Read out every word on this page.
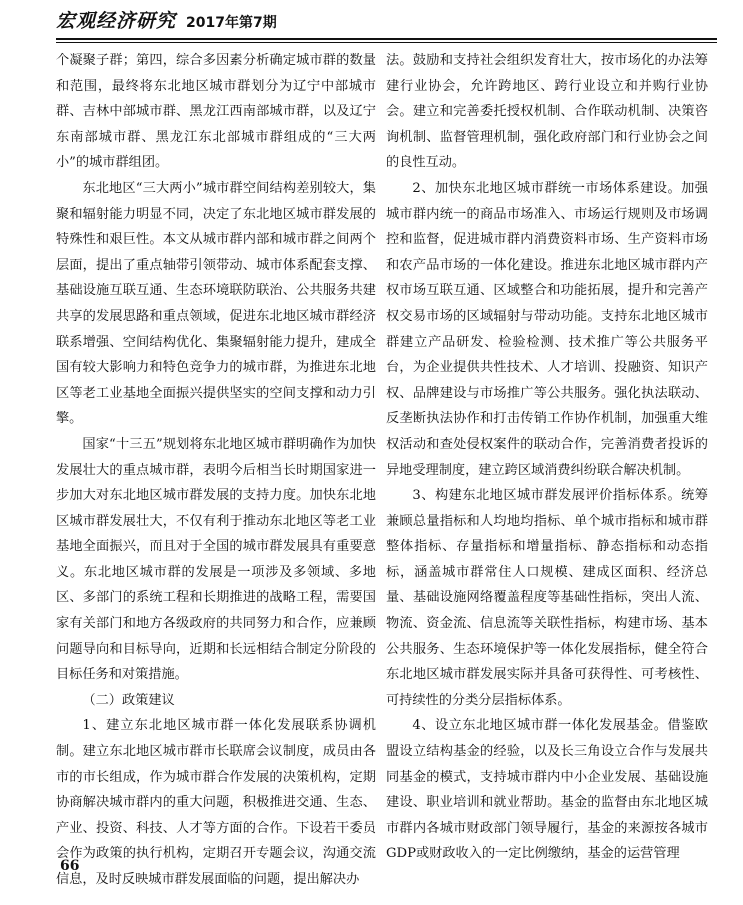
宏观经济研究 2017年第7期

个凝聚子群；第四，综合多因素分析确定城市群的数量和范围，最终将东北地区城市群划分为辽宁中部城市群、吉林中部城市群、黑龙江西南部城市群，以及辽宁东南部城市群、黑龙江东北部城市群组成的“三大两小”的城市群组团。

东北地区“三大两小”城市群空间结构差别较大，集聚和辐射能力明显不同，决定了东北地区城市群发展的特殊性和艰巨性。本文从城市群内部和城市群之间两个层面，提出了重点轴带引领带动、城市体系配套支撑、基础设施互联互通、生态环境联防联治、公共服务共建共享的发展思路和重点领域，促进东北地区城市群经济联系增强、空间结构优化、集聚辐射能力提升，建成全国有较大影响力和特色竞争力的城市群，为推进东北地区等老工业基地全面振兴提供坚实的空间支撑和动力引擎。

国家“十三五”规划将东北地区城市群明确作为加快发展壮大的重点城市群，表明今后相当长时期国家进一步加大对东北地区城市群发展的支持力度。加快东北地区城市群发展壮大，不仅有利于推动东北地区等老工业基地全面振兴，而且对于全国的城市群发展具有重要意义。东北地区城市群的发展是一项涉及多领域、多地区、多部门的系统工程和长期推进的战略工程，需要国家有关部门和地方各级政府的共同努力和合作，应兼顾问题导向和目标导向，近期和长远相结合制定分阶段的目标任务和对策措施。

（二）政策建议

1、建立东北地区城市群一体化发展联系协调机制。建立东北地区城市群市长联席会议制度，成员由各市的市长组成，作为城市群合作发展的决策机构，定期协商解决城市群内的重大问题，积极推进交通、生态、产业、投资、科技、人才等方面的合作。下设若干委员会作为政策的执行机构，定期召开专题会议，沟通交流信息，及时反映城市群发展面临的问题，提出解决办

法。鼓励和支持社会组织发育壮大，按市场化的办法筹建行业协会，允许跨地区、跨行业设立和并购行业协会。建立和完善委托授权机制、合作联动机制、决策咨询机制、监督管理机制，强化政府部门和行业协会之间的良性互动。

2、加快东北地区城市群统一市场体系建设。加强城市群内统一的商品市场准入、市场运行规则及市场调控和监督，促进城市群内消费资料市场、生产资料市场和农产品市场的一体化建设。推进东北地区城市群内产权市场互联互通、区域整合和功能拓展，提升和完善产权交易市场的区域辐射与带动功能。支持东北地区城市群建立产品研发、检验检测、技术推广等公共服务平台，为企业提供共性技术、人才培训、投融资、知识产权、品牌建设与市场推广等公共服务。强化执法联动、反垄断执法协作和打击传销工作协作机制，加强重大维权活动和查处侵权案件的联动合作，完善消费者投诉的异地受理制度，建立跨区域消费纠纷联合解决机制。

3、构建东北地区城市群发展评价指标体系。统筹兼顾总量指标和人均地均指标、单个城市指标和城市群整体指标、存量指标和增量指标、静态指标和动态指标，涵盖城市群常住人口规模、建成区面积、经济总量、基础设施网络覆盖程度等基础性指标，突出人流、物流、资金流、信息流等关联性指标，构建市场、基本公共服务、生态环境保护等一体化发展指标，健全符合东北地区城市群发展实际并具备可获得性、可考核性、可持续性的分类分层指标体系。

4、设立东北地区城市群一体化发展基金。借鉴欧盟设立结构基金的经验，以及长三角设立合作与发展共同基金的模式，支持城市群内中小企业发展、基础设施建设、职业培训和就业帮助。基金的监督由东北地区城市群内各城市财政部门领导履行，基金的来源按各城市GDP或财政收入的一定比例缴纳，基金的运营管理

66
